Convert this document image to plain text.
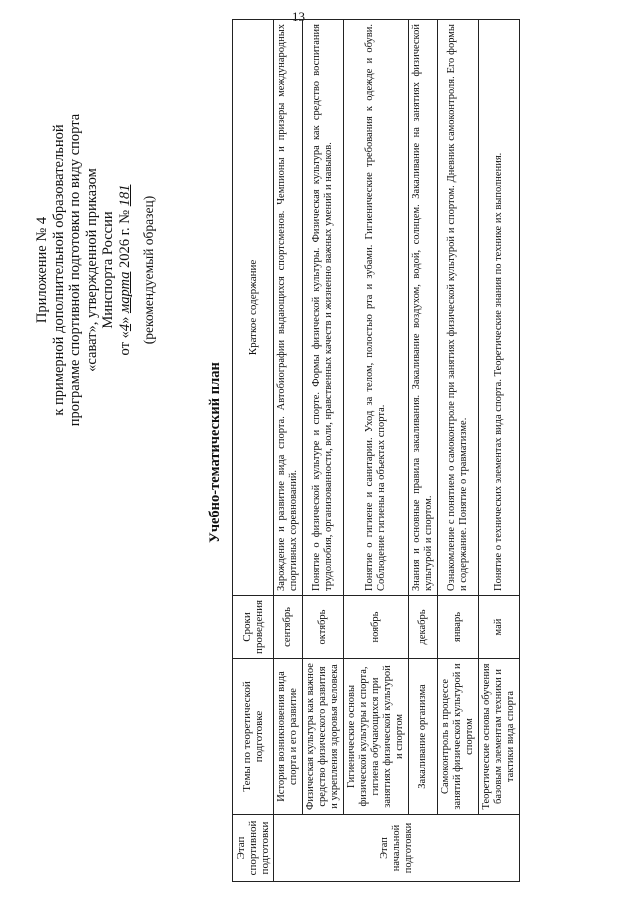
13
Приложение № 4 к примерной дополнительной образовательной программе спортивной подготовки по виду спорта «сават», утвержденной приказом Минспорта России
от «4» марта 2026 г. № 181
(рекомендуемый образец)
Учебно-тематический план
Этап спортивной подготовки	Темы по теоретической подготовке	Сроки проведения	Краткое содержание
Этап начальной подготовки	История возникновения вида спорта и его развитие	сентябрь	Зарождение и развитие вида спорта. Автобиографии выдающихся спортсменов. Чемпионы и призеры международных спортивных соревнований.
	Физическая культура как важное средство физического развития и укрепления здоровья человека	октябрь	Понятие о физической культуре и спорте. Формы физической культуры. Физическая культура как средство воспитания трудолюбия, организованности, воли, нравственных качеств и жизненно важных умений и навыков.
	Гигиенические основы физической культуры и спорта, гигиена обучающихся при занятиях физической культурой и спортом	ноябрь	Понятие о гигиене и санитарии. Уход за телом, полостью рта и зубами. Гигиенические требования к одежде и обуви. Соблюдение гигиены на объектах спорта.
	Закаливание организма	декабрь	Знания и основные правила закаливания. Закаливание воздухом, водой, солнцем. Закаливание на занятиях физической культурой и спортом.
	Самоконтроль в процессе занятий физической культурой и спортом	январь	Ознакомление с понятием о самоконтроле при занятиях физической культурой и спортом. Дневник самоконтроля. Его формы и содержание. Понятие о травматизме.
	Теоретические основы обучения базовым элементам техники и тактики вида спорта	май	Понятие о технических элементах вида спорта. Теоретические знания по технике их выполнения.
